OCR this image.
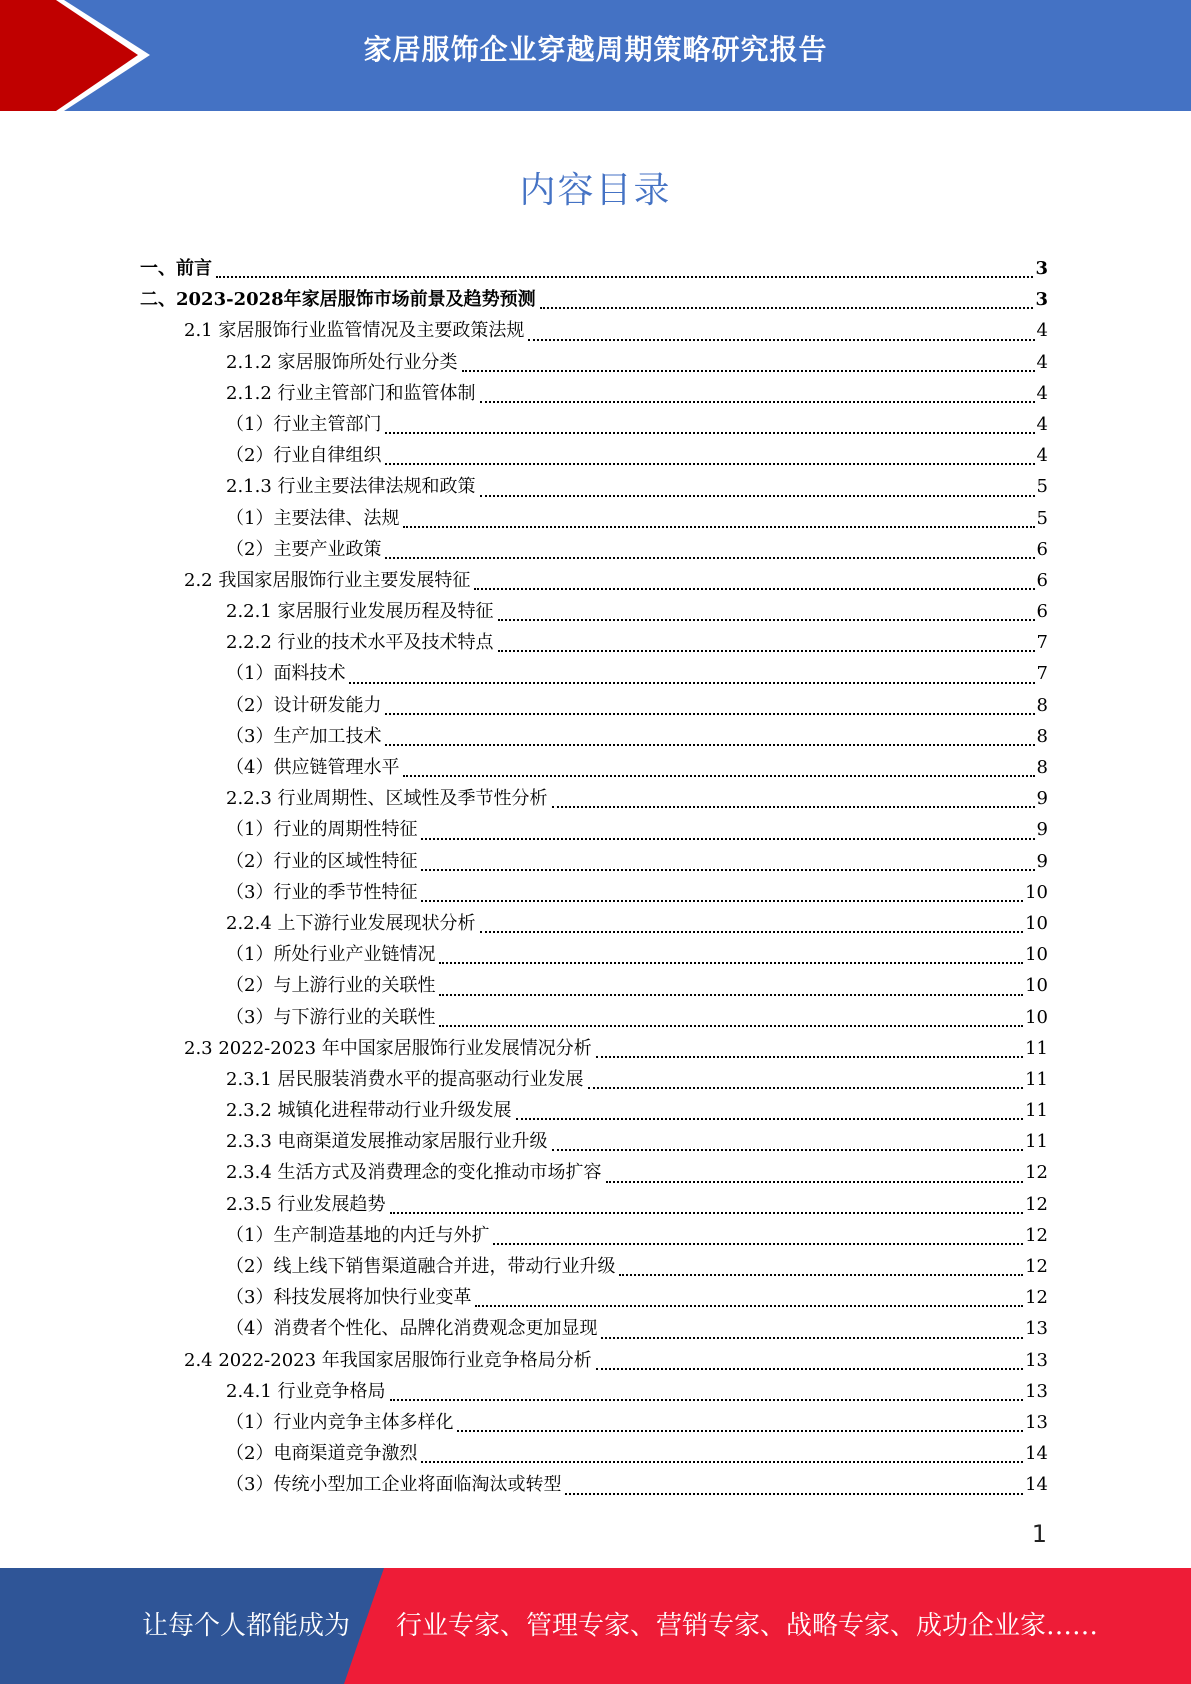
家居服饰企业穿越周期策略研究报告
内容目录
一、前言	3
二、2023-2028年家居服饰市场前景及趋势预测	3
2.1 家居服饰行业监管情况及主要政策法规	4
2.1.2 家居服饰所处行业分类	4
2.1.2 行业主管部门和监管体制	4
（1）行业主管部门	4
（2）行业自律组织	4
2.1.3 行业主要法律法规和政策	5
（1）主要法律、法规	5
（2）主要产业政策	6
2.2 我国家居服饰行业主要发展特征	6
2.2.1 家居服行业发展历程及特征	6
2.2.2 行业的技术水平及技术特点	7
（1）面料技术	7
（2）设计研发能力	8
（3）生产加工技术	8
（4）供应链管理水平	8
2.2.3 行业周期性、区域性及季节性分析	9
（1）行业的周期性特征	9
（2）行业的区域性特征	9
（3）行业的季节性特征	10
2.2.4 上下游行业发展现状分析	10
（1）所处行业产业链情况	10
（2）与上游行业的关联性	10
（3）与下游行业的关联性	10
2.3 2022-2023 年中国家居服饰行业发展情况分析	11
2.3.1 居民服装消费水平的提高驱动行业发展	11
2.3.2 城镇化进程带动行业升级发展	11
2.3.3 电商渠道发展推动家居服行业升级	11
2.3.4 生活方式及消费理念的变化推动市场扩容	12
2.3.5 行业发展趋势	12
（1）生产制造基地的内迁与外扩	12
（2）线上线下销售渠道融合并进，带动行业升级	12
（3）科技发展将加快行业变革	12
（4）消费者个性化、品牌化消费观念更加显现	13
2.4 2022-2023 年我国家居服饰行业竞争格局分析	13
2.4.1 行业竞争格局	13
（1）行业内竞争主体多样化	13
（2）电商渠道竞争激烈	14
（3）传统小型加工企业将面临淘汰或转型	14
1
让每个人都能成为 行业专家、管理专家、营销专家、战略专家、成功企业家……
